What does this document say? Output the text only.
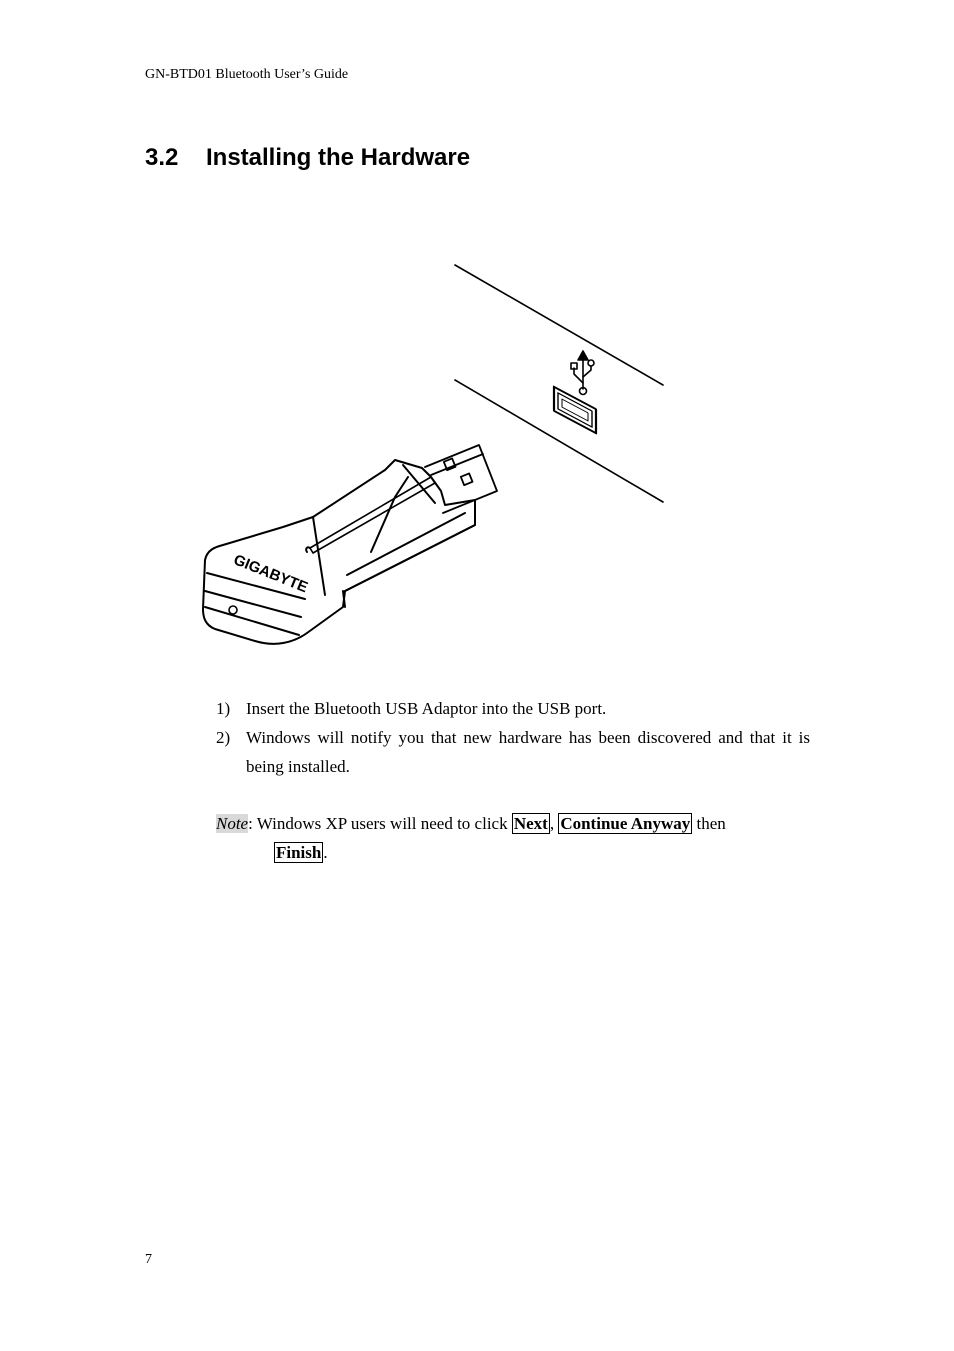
GN-BTD01 Bluetooth User’s Guide
3.2 Installing the Hardware
GIGABYTE
1) Insert the Bluetooth USB Adaptor into the USB port.
2) Windows will notify you that new hardware has been discovered and that it is being installed.
Note: Windows XP users will need to click Next , Continue Anyway then
Finish .
7
